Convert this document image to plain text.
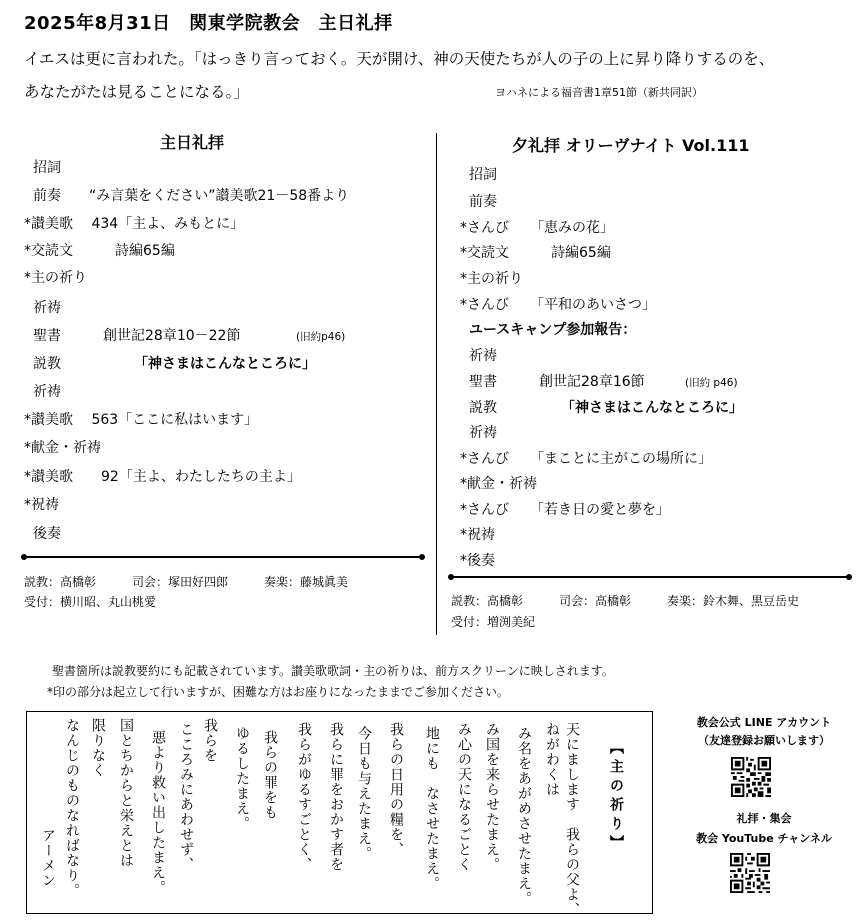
2025年8月31日　関東学院教会　主日礼拝
イエスは更に言われた。「はっきり言っておく。天が開け、神の天使たちが人の子の上に昇り降りするのを、
あなたがたは見ることになる。」	ヨハネによる福音書1章51節（新共同訳）
主日礼拝
招詞
前奏　　“み言葉をください”讃美歌21－58番より
*讃美歌　 434「主よ、みもとに」
*交読文　　　詩編65編
*主の祈り
祈祷
聖書　　　創世記28章10－22節	(旧約p46)
説教	「神さまはこんなところに」
祈祷
*讃美歌　 563「ここに私はいます」
*献金・祈祷
*讃美歌　　92「主よ、わたしたちの主よ」
*祝祷
後奏
説教：高橋彰　　　司会：塚田好四郎　　　奏楽：藤城眞美
受付：横川昭、丸山桃愛
夕礼拝 オリーヴナイト Vol.111
招詞
前奏
*さんび　　「恵みの花」
*交読文　　　詩編65編
*主の祈り
*さんび　　「平和のあいさつ」
ユースキャンプ参加報告：
祈祷
聖書　　　創世記28章16節	(旧約 p46)
説教	「神さまはこんなところに」
祈祷
*さんび　　「まことに主がこの場所に」
*献金・祈祷
*さんび　　「若き日の愛と夢を」
*祝祷
*後奏
説教：高橋彰　　　司会：高橋彰　　　奏楽：鈴木舞、黒豆岳史
受付：増渕美紀
聖書箇所は説教要約にも記載されています。讃美歌歌詞・主の祈りは、前方スクリーンに映しされます。
*印の部分は起立して行いますが、困難な方はお座りになったままでご参加ください。
【主の祈り】
天にまします　我らの父よ、
ねがわくは
み名をあがめさせたまえ。
み国を来らせたまえ。
み心の天になるごとく
地にも　なさせたまえ。
我らの日用の糧を、
今日も与えたまえ。
我らに罪をおかす者を
我らがゆるすごとく、
我らの罪をも
ゆるしたまえ。
我らを
こころみにあわせず、
悪より救い出したまえ。
国とちからと栄えとは
限りなく
なんじのものなればなり。
アーメン
教会公式 LINE アカウント
（友達登録お願いします）
礼拝・集会
教会 YouTube チャンネル
